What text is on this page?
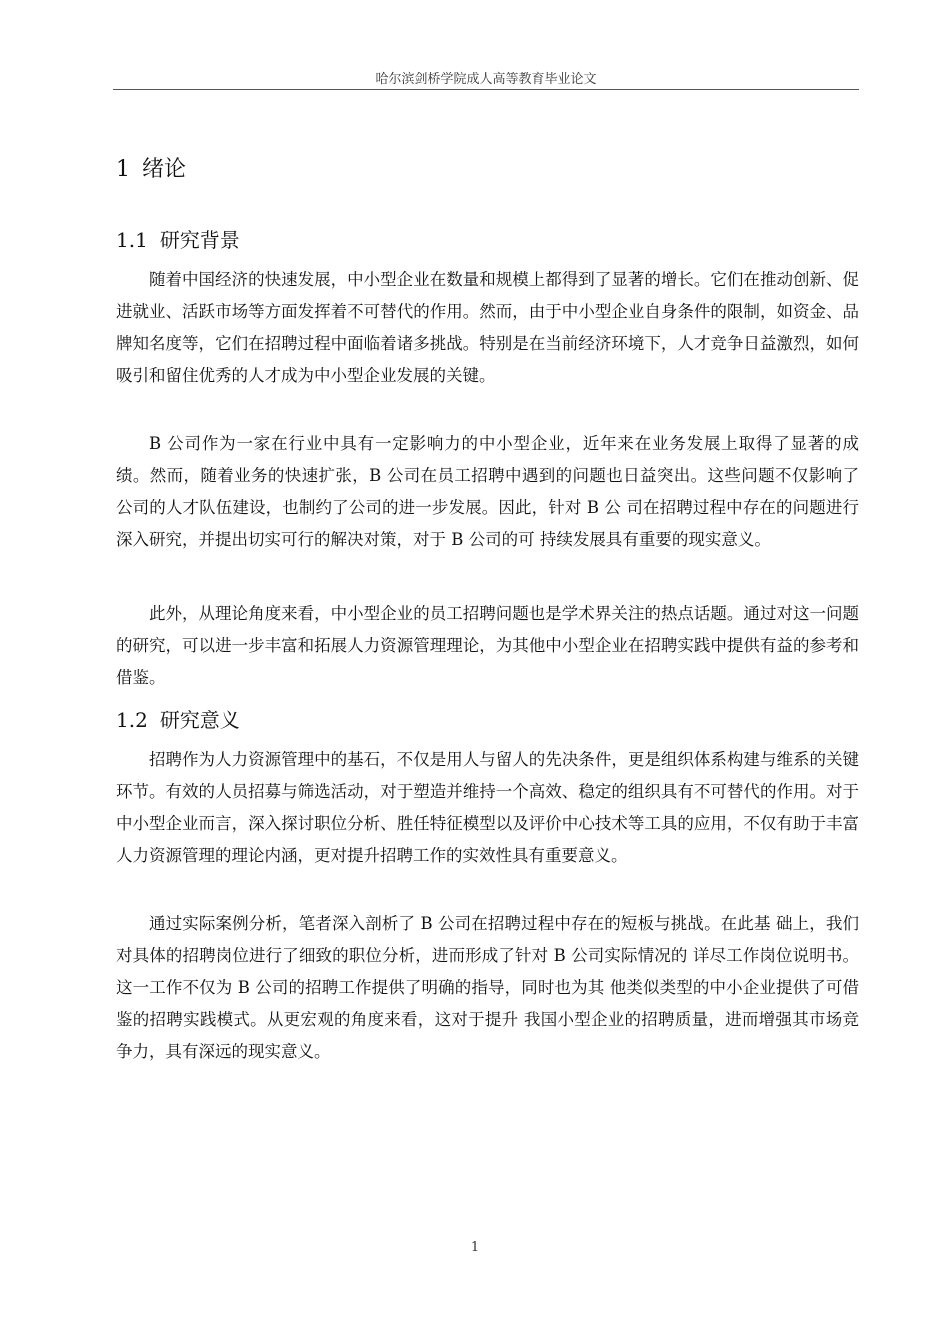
哈尔滨剑桥学院成人高等教育毕业论文
1 绪论
1.1 研究背景

随着中国经济的快速发展，中小型企业在数量和规模上都得到了显著的增长。它们在推动创新、促进就业、活跃市场等方面发挥着不可替代的作用。然而，由于中小型企业自身条件的限制，如资金、品牌知名度等，它们在招聘过程中面临着诸多挑战。特别是在当前经济环境下，人才竞争日益激烈，如何吸引和留住优秀的人才成为中小型企业发展的关键。

B 公司作为一家在行业中具有一定影响力的中小型企业，近年来在业务发展上取得了显著的成绩。然而，随着业务的快速扩张，B 公司在员工招聘中遇到的问题也日益突出。这些问题不仅影响了公司的人才队伍建设，也制约了公司的进一步发展。因此，针对 B 公 司在招聘过程中存在的问题进行深入研究，并提出切实可行的解决对策，对于 B 公司的可 持续发展具有重要的现实意义。

此外，从理论角度来看，中小型企业的员工招聘问题也是学术界关注的热点话题。通过对这一问题的研究，可以进一步丰富和拓展人力资源管理理论，为其他中小型企业在招聘实践中提供有益的参考和借鉴。

1.2 研究意义

招聘作为人力资源管理中的基石，不仅是用人与留人的先决条件，更是组织体系构建与维系的关键环节。有效的人员招募与筛选活动，对于塑造并维持一个高效、稳定的组织具有不可替代的作用。对于中小型企业而言，深入探讨职位分析、胜任特征模型以及评价中心技术等工具的应用，不仅有助于丰富人力资源管理的理论内涵，更对提升招聘工作的实效性具有重要意义。

通过实际案例分析，笔者深入剖析了 B 公司在招聘过程中存在的短板与挑战。在此基 础上，我们对具体的招聘岗位进行了细致的职位分析，进而形成了针对 B 公司实际情况的 详尽工作岗位说明书。这一工作不仅为 B 公司的招聘工作提供了明确的指导，同时也为其 他类似类型的中小企业提供了可借鉴的招聘实践模式。从更宏观的角度来看，这对于提升 我国小型企业的招聘质量，进而增强其市场竞争力，具有深远的现实意义。

1
